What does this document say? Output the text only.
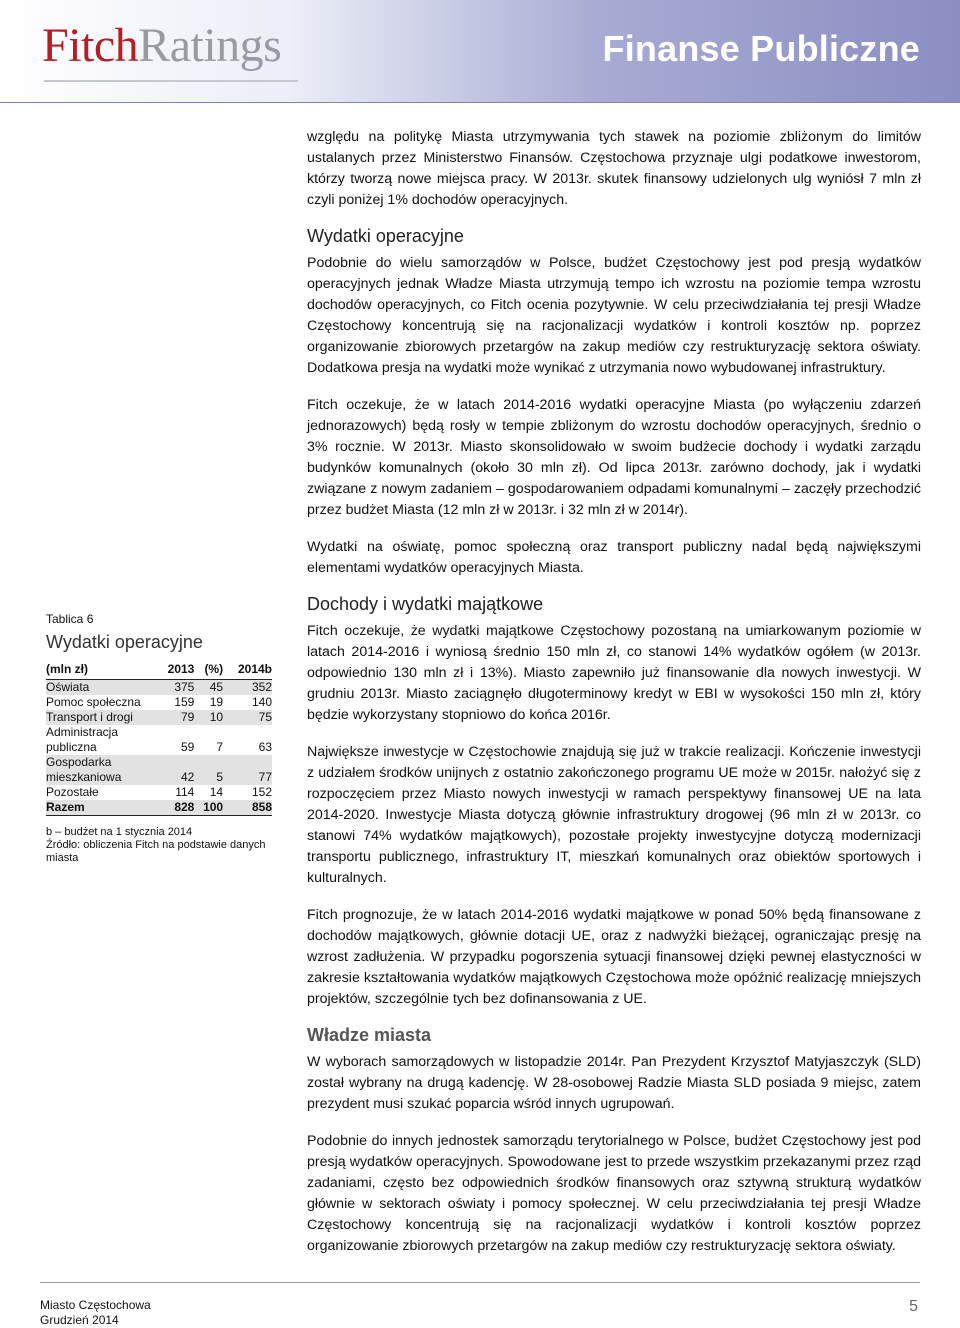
FitchRatings	Finanse Publiczne

względu na politykę Miasta utrzymywania tych stawek na poziomie zbliżonym do limitów ustalanych przez Ministerstwo Finansów. Częstochowa przyznaje ulgi podatkowe inwestorom, którzy tworzą nowe miejsca pracy. W 2013r. skutek finansowy udzielonych ulg wyniósł 7 mln zł czyli poniżej 1% dochodów operacyjnych.

Wydatki operacyjne

Podobnie do wielu samorządów w Polsce, budżet Częstochowy jest pod presją wydatków operacyjnych jednak Władze Miasta utrzymują tempo ich wzrostu na poziomie tempa wzrostu dochodów operacyjnych, co Fitch ocenia pozytywnie. W celu przeciwdziałania tej presji Władze Częstochowy koncentrują się na racjonalizacji wydatków i kontroli kosztów np. poprzez organizowanie zbiorowych przetargów na zakup mediów czy restrukturyzację sektora oświaty. Dodatkowa presja na wydatki może wynikać z utrzymania nowo wybudowanej infrastruktury.

Fitch oczekuje, że w latach 2014-2016 wydatki operacyjne Miasta (po wyłączeniu zdarzeń jednorazowych) będą rosły w tempie zbliżonym do wzrostu dochodów operacyjnych, średnio o 3% rocznie. W 2013r. Miasto skonsolidowało w swoim budżecie dochody i wydatki zarządu budynków komunalnych (około 30 mln zł). Od lipca 2013r. zarówno dochody, jak i wydatki związane z nowym zadaniem – gospodarowaniem odpadami komunalnymi – zaczęły przechodzić przez budżet Miasta (12 mln zł w 2013r. i 32 mln zł w 2014r).

Wydatki na oświatę, pomoc społeczną oraz transport publiczny nadal będą największymi elementami wydatków operacyjnych Miasta.

Dochody i wydatki majątkowe

Fitch oczekuje, że wydatki majątkowe Częstochowy pozostaną na umiarkowanym poziomie w latach 2014-2016 i wyniosą średnio 150 mln zł, co stanowi 14% wydatków ogółem (w 2013r. odpowiednio 130 mln zł i 13%). Miasto zapewniło już finansowanie dla nowych inwestycji. W grudniu 2013r. Miasto zaciągnęło długoterminowy kredyt w EBI w wysokości 150 mln zł, który będzie wykorzystany stopniowo do końca 2016r.

Największe inwestycje w Częstochowie znajdują się już w trakcie realizacji. Kończenie inwestycji z udziałem środków unijnych z ostatnio zakończonego programu UE może w 2015r. nałożyć się z rozpoczęciem przez Miasto nowych inwestycji w ramach perspektywy finansowej UE na lata 2014-2020. Inwestycje Miasta dotyczą głównie infrastruktury drogowej (96 mln zł w 2013r. co stanowi 74% wydatków majątkowych), pozostałe projekty inwestycyjne dotyczą modernizacji transportu publicznego, infrastruktury IT, mieszkań komunalnych oraz obiektów sportowych i kulturalnych.

Fitch prognozuje, że w latach 2014-2016 wydatki majątkowe w ponad 50% będą finansowane z dochodów majątkowych, głównie dotacji UE, oraz z nadwyżki bieżącej, ograniczając presję na wzrost zadłużenia. W przypadku pogorszenia sytuacji finansowej dzięki pewnej elastyczności w zakresie kształtowania wydatków majątkowych Częstochowa może opóźnić realizację mniejszych projektów, szczególnie tych bez dofinansowania z UE.

Władze miasta

W wyborach samorządowych w listopadzie 2014r. Pan Prezydent Krzysztof Matyjaszczyk (SLD) został wybrany na drugą kadencję. W 28-osobowej Radzie Miasta SLD posiada 9 miejsc, zatem prezydent musi szukać poparcia wśród innych ugrupowań.

Podobnie do innych jednostek samorządu terytorialnego w Polsce, budżet Częstochowy jest pod presją wydatków operacyjnych. Spowodowane jest to przede wszystkim przekazanymi przez rząd zadaniami, często bez odpowiednich środków finansowych oraz sztywną strukturą wydatków głównie w sektorach oświaty i pomocy społecznej. W celu przeciwdziałania tej presji Władze Częstochowy koncentrują się na racjonalizacji wydatków i kontroli kosztów poprzez organizowanie zbiorowych przetargów na zakup mediów czy restrukturyzację sektora oświaty.

Tablica 6
Wydatki operacyjne
(mln zł)	2013	(%)	2014b
Oświata	375	45	352
Pomoc społeczna	159	19	140
Transport i drogi	79	10	75
Administracja publiczna	59	7	63
Gospodarka mieszkaniowa	42	5	77
Pozostałe	114	14	152
Razem	828	100	858
b – budżet na 1 stycznia 2014
Źródło: obliczenia Fitch na podstawie danych miasta
Miasto Częstochowa
Grudzień 2014
5
